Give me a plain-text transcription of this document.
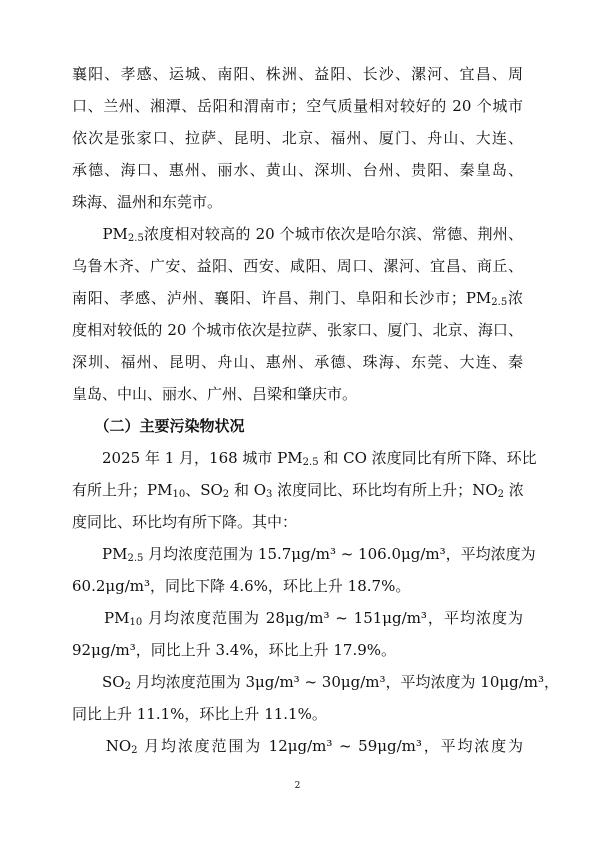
襄阳、孝感、运城、南阳、株洲、益阳、长沙、漯河、宜昌、周
口、兰州、湘潭、岳阳和渭南市；空气质量相对较好的 20 个城市
依次是张家口、拉萨、昆明、北京、福州、厦门、舟山、大连、
承德、海口、惠州、丽水、黄山、深圳、台州、贵阳、秦皇岛、
珠海、温州和东莞市。
　　$PM_{2.5}$浓度相对较高的 20 个城市依次是哈尔滨、常德、荆州、
乌鲁木齐、广安、益阳、西安、咸阳、周口、漯河、宜昌、商丘、
南阳、孝感、泸州、襄阳、许昌、荆门、阜阳和长沙市；$PM_{2.5}$浓
度相对较低的 20 个城市依次是拉萨、张家口、厦门、北京、海口、
深圳、福州、昆明、舟山、惠州、承德、珠海、东莞、大连、秦
皇岛、中山、丽水、广州、吕梁和肇庆市。
　　（二）主要污染物状况
　　2025 年 1 月，168 城市 $PM_{2.5}$ 和 CO 浓度同比有所下降、环比
有所上升；$PM_{10}$、$SO_2$ 和 $O_3$ 浓度同比、环比均有所上升；$NO_2$ 浓
度同比、环比均有所下降。其中：
　　$PM_{2.5}$ 月均浓度范围为 15.7μg/m³ ~ 106.0μg/m³，平均浓度为
60.2μg/m³，同比下降 4.6%，环比上升 18.7%。
　　$PM_{10}$ 月均浓度范围为 28μg/m³ ~ 151μg/m³，平均浓度为
92μg/m³，同比上升 3.4%，环比上升 17.9%。
　　$SO_2$ 月均浓度范围为 3μg/m³ ~ 30μg/m³，平均浓度为 10μg/m³，
同比上升 11.1%，环比上升 11.1%。
　　$NO_2$ 月均浓度范围为 12μg/m³ ~ 59μg/m³，平均浓度为
2
